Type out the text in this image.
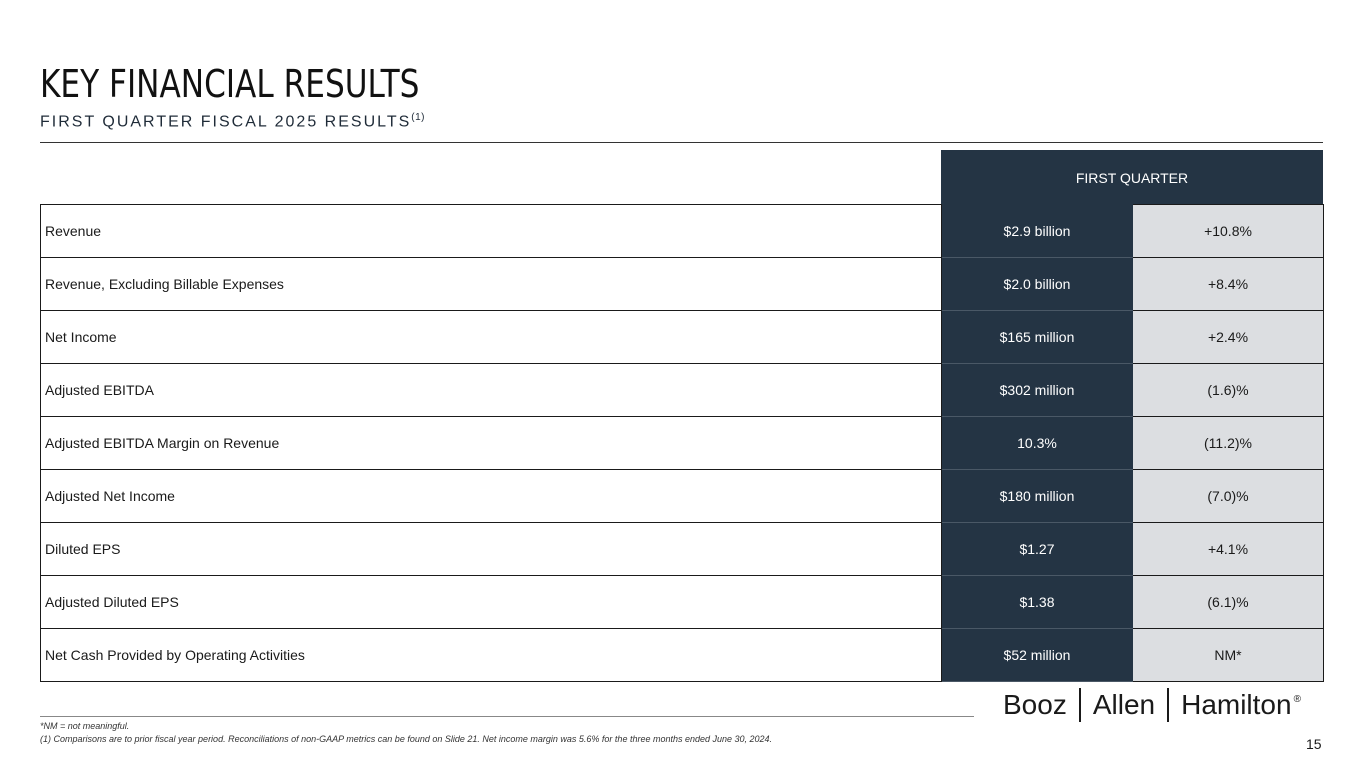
KEY FINANCIAL RESULTS
FIRST QUARTER FISCAL 2025 RESULTS$^{(1)}$
FIRST QUARTER
Revenue	$2.9 billion	+10.8%
Revenue, Excluding Billable Expenses	$2.0 billion	+8.4%
Net Income	$165 million	+2.4%
Adjusted EBITDA	$302 million	(1.6)%
Adjusted EBITDA Margin on Revenue	10.3%	(11.2)%
Adjusted Net Income	$180 million	(7.0)%
Diluted EPS	$1.27	+4.1%
Adjusted Diluted EPS	$1.38	(6.1)%
Net Cash Provided by Operating Activities	$52 million	NM*
*NM = not meaningful.
(1) Comparisons are to prior fiscal year period. Reconciliations of non-GAAP metrics can be found on Slide 21. Net income margin was 5.6% for the three months ended June 30, 2024.
Booz Allen Hamilton ®
15
